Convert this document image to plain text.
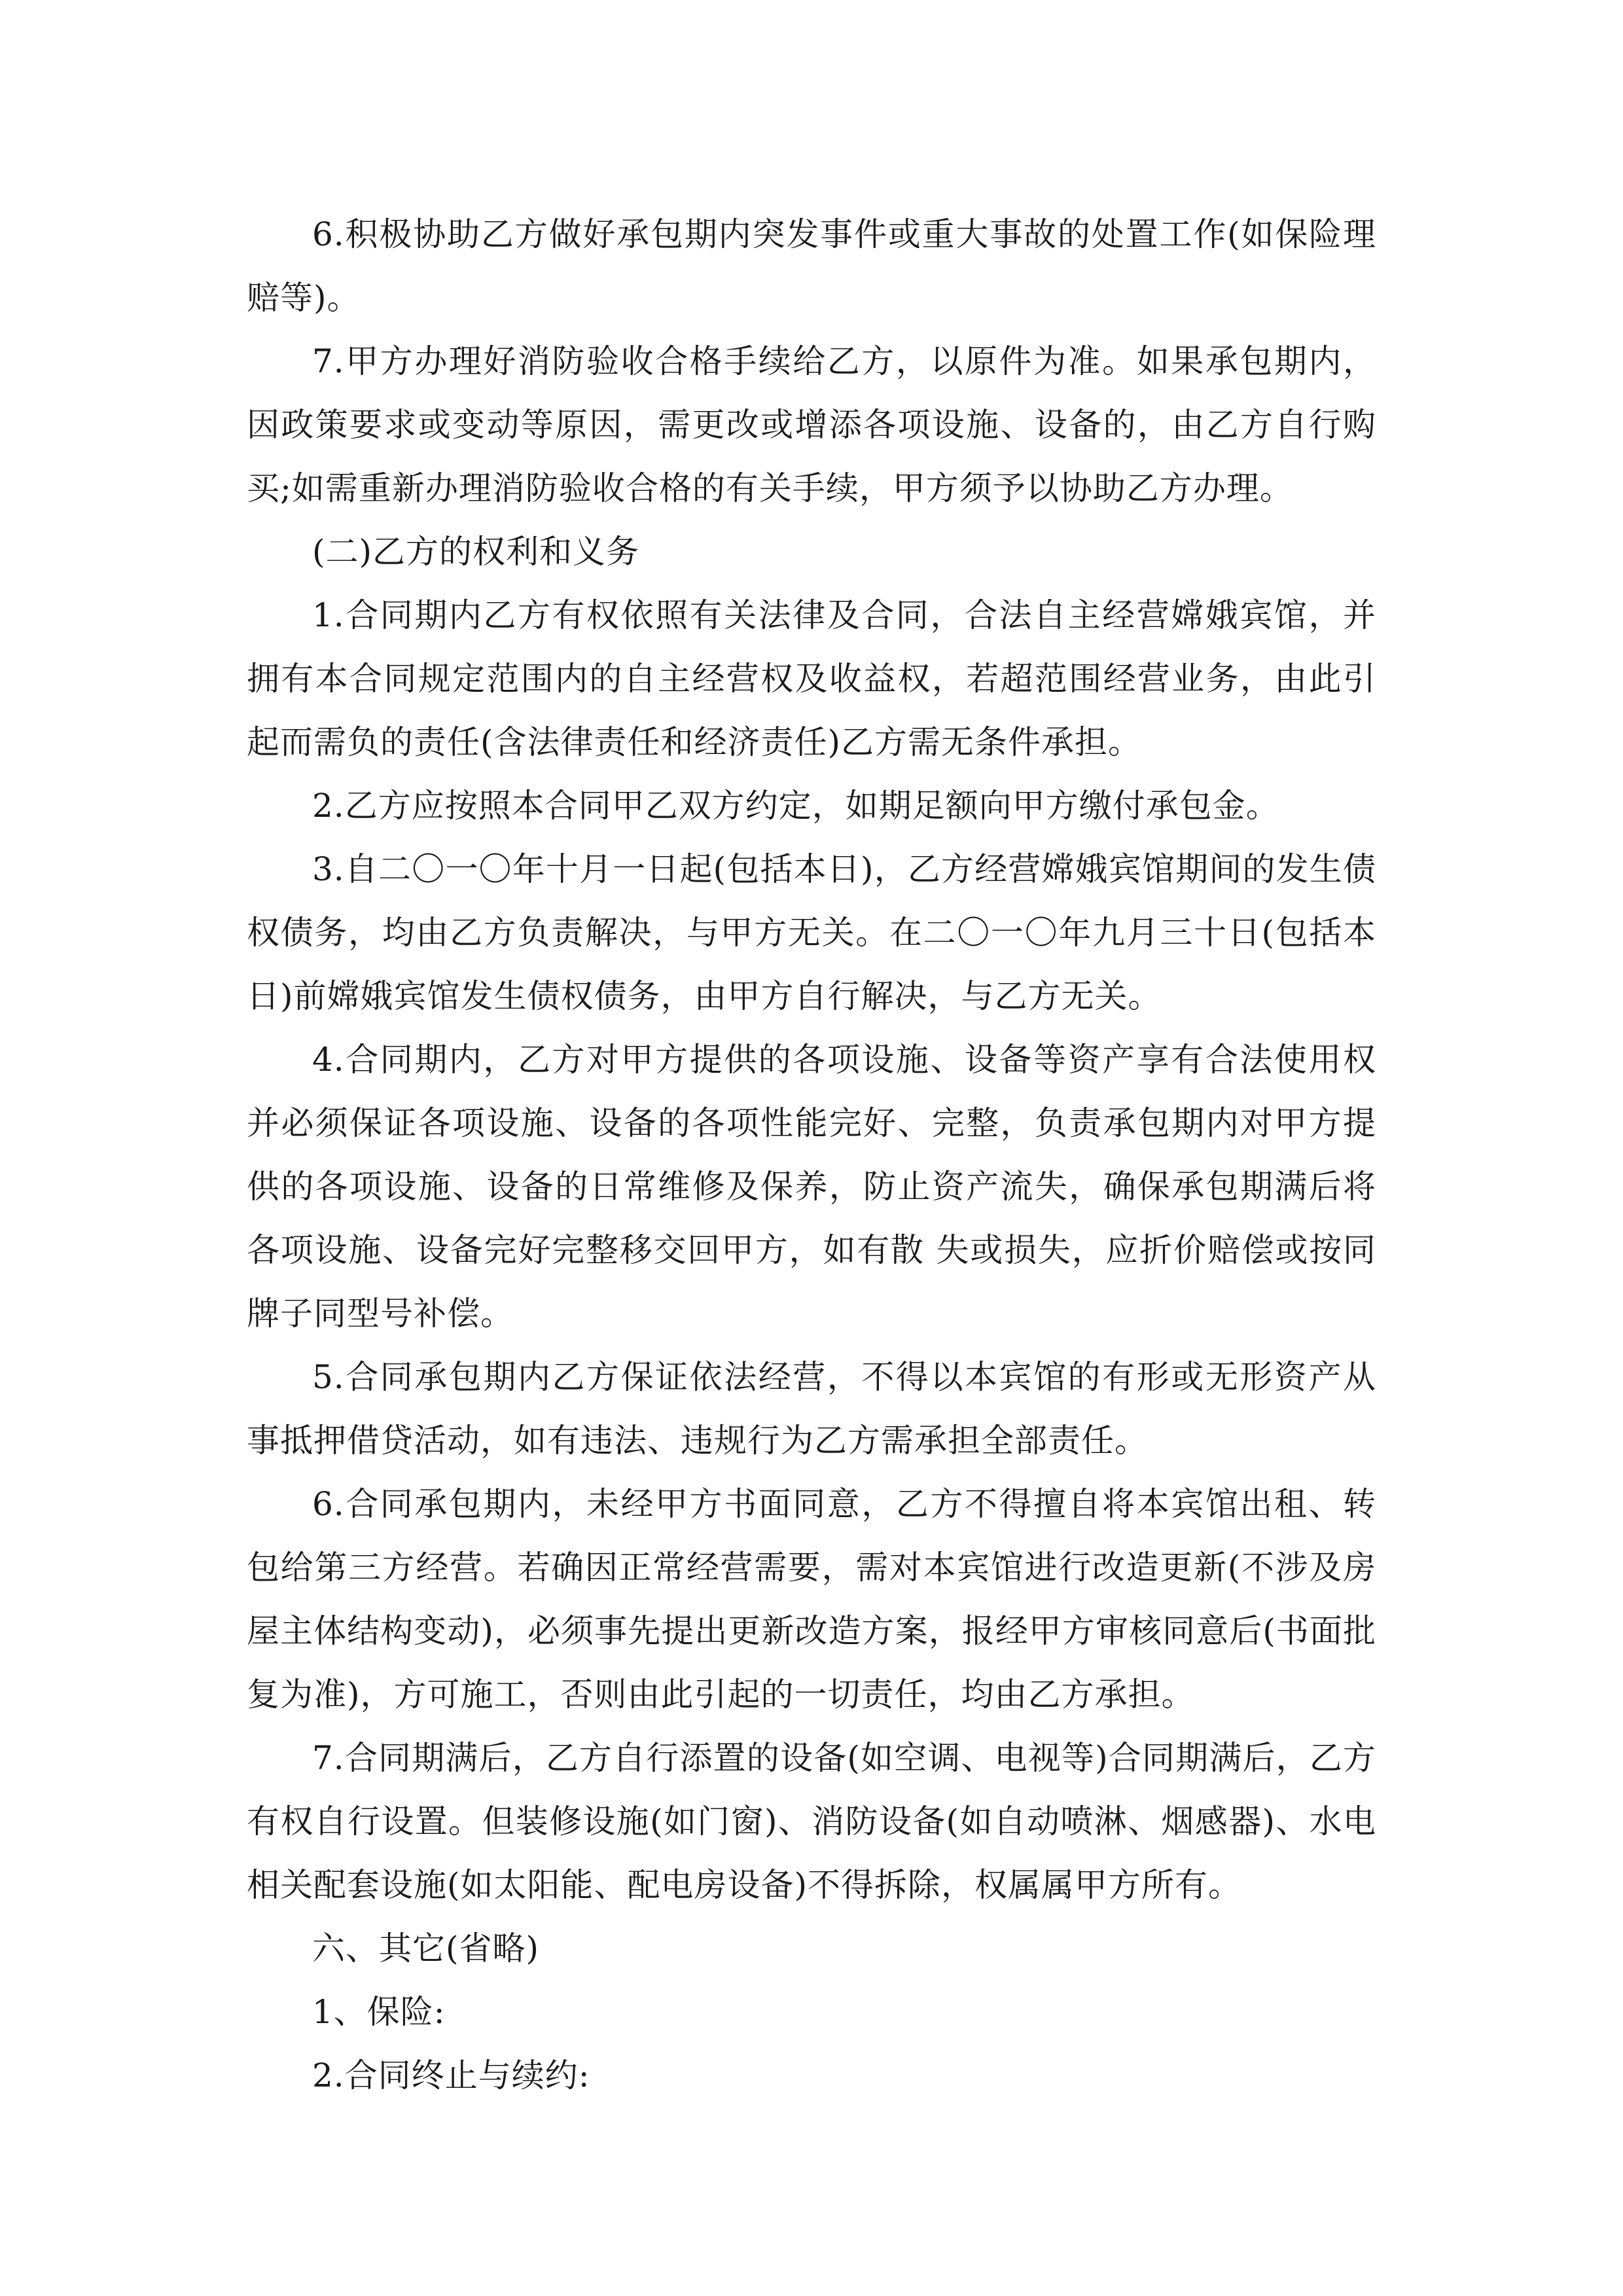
6.积极协助乙方做好承包期内突发事件或重大事故的处置工作(如保险理赔等)。

7.甲方办理好消防验收合格手续给乙方，以原件为准。如果承包期内，因政策要求或变动等原因，需更改或增添各项设施、设备的，由乙方自行购买;如需重新办理消防验收合格的有关手续，甲方须予以协助乙方办理。

(二)乙方的权利和义务

1.合同期内乙方有权依照有关法律及合同，合法自主经营嫦娥宾馆，并拥有本合同规定范围内的自主经营权及收益权，若超范围经营业务，由此引起而需负的责任(含法律责任和经济责任)乙方需无条件承担。

2.乙方应按照本合同甲乙双方约定，如期足额向甲方缴付承包金。

3.自二〇一〇年十月一日起(包括本日)，乙方经营嫦娥宾馆期间的发生债权债务，均由乙方负责解决，与甲方无关。在二〇一〇年九月三十日(包括本日)前嫦娥宾馆发生债权债务，由甲方自行解决，与乙方无关。

4.合同期内，乙方对甲方提供的各项设施、设备等资产享有合法使用权并必须保证各项设施、设备的各项性能完好、完整，负责承包期内对甲方提供的各项设施、设备的日常维修及保养，防止资产流失，确保承包期满后将各项设施、设备完好完整移交回甲方，如有散 失或损失，应折价赔偿或按同牌子同型号补偿。

5.合同承包期内乙方保证依法经营，不得以本宾馆的有形或无形资产从事抵押借贷活动，如有违法、违规行为乙方需承担全部责任。

6.合同承包期内，未经甲方书面同意，乙方不得擅自将本宾馆出租、转包给第三方经营。若确因正常经营需要，需对本宾馆进行改造更新(不涉及房屋主体结构变动)，必须事先提出更新改造方案，报经甲方审核同意后(书面批复为准)，方可施工，否则由此引起的一切责任，均由乙方承担。

7.合同期满后，乙方自行添置的设备(如空调、电视等)合同期满后，乙方有权自行设置。但装修设施(如门窗)、消防设备(如自动喷淋、烟感器)、水电相关配套设施(如太阳能、配电房设备)不得拆除，权属属甲方所有。

六、其它(省略)

1、保险:

2.合同终止与续约:
